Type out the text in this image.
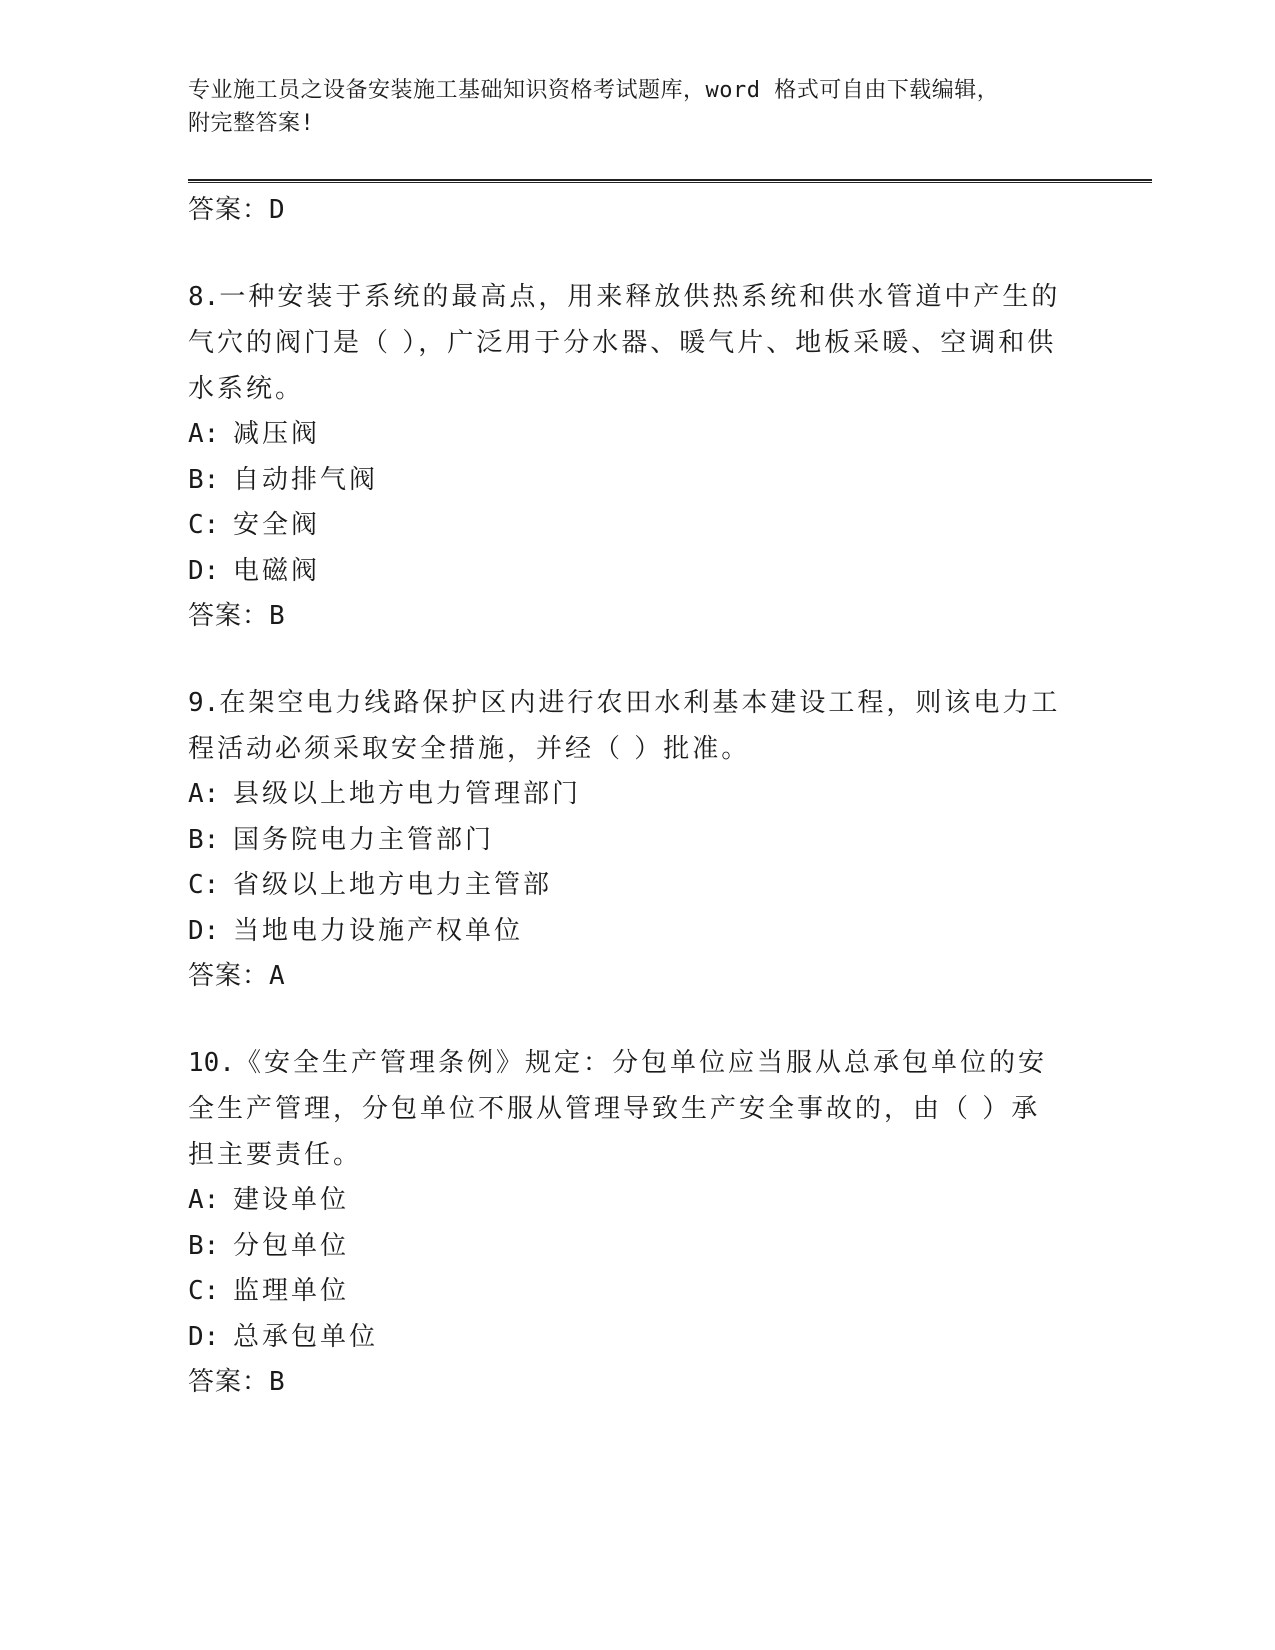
专业施工员之设备安装施工基础知识资格考试题库，word 格式可自由下载编辑，
附完整答案!

答案：D

8.一种安装于系统的最高点，用来释放供热系统和供水管道中产生的气穴的阀门是（ ），广泛用于分水器、暖气片、地板采暖、空调和供水系统。

A: 减压阀
B: 自动排气阀
C: 安全阀
D: 电磁阀

答案：B

9.在架空电力线路保护区内进行农田水利基本建设工程，则该电力工程活动必须采取安全措施，并经（ ）批准。

A: 县级以上地方电力管理部门
B: 国务院电力主管部门
C: 省级以上地方电力主管部
D: 当地电力设施产权单位

答案：A

10.《安全生产管理条例》规定：分包单位应当服从总承包单位的安全生产管理，分包单位不服从管理导致生产安全事故的，由（ ）承担主要责任。

A: 建设单位
B: 分包单位
C: 监理单位
D: 总承包单位

答案：B
